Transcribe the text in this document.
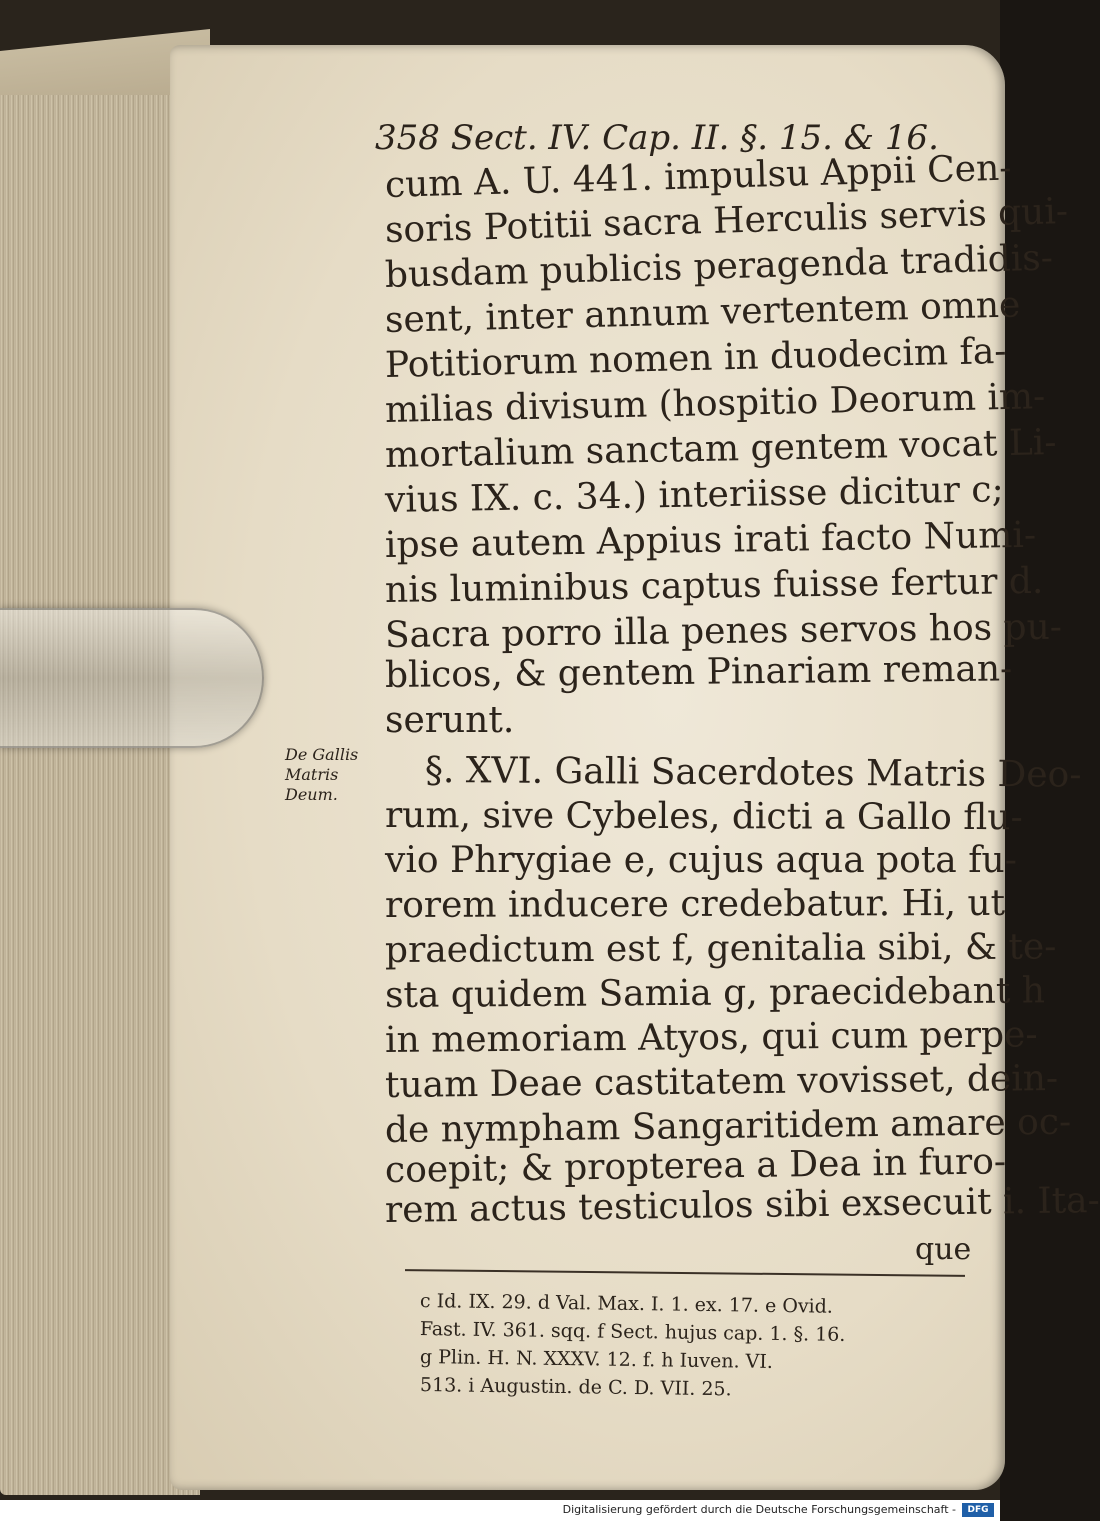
358 Sect. IV. Cap. II. §. 15. & 16.
cum A. U. 441. impulsu Appii Cen-
soris Potitii sacra Herculis servis qui-
busdam publicis peragenda tradidis-
sent, inter annum vertentem omne
Potitiorum nomen in duodecim fa-
milias divisum (hospitio Deorum im-
mortalium sanctam gentem vocat Li-
vius IX. c. 34.) interiisse dicitur c;
ipse autem Appius irati facto Numi-
nis luminibus captus fuisse fertur d.
Sacra porro illa penes servos hos pu-
blicos, & gentem Pinariam reman-
serunt.
De Gallis
Matris
Deum. §. XVI. Galli Sacerdotes Matris Deo-
rum, sive Cybeles, dicti a Gallo flu-
vio Phrygiae e, cujus aqua pota fu-
rorem inducere credebatur. Hi, ut
praedictum est f, genitalia sibi, & te-
sta quidem Samia g, praecidebant h
in memoriam Atyos, qui cum perpe-
tuam Deae castitatem vovisset, dein-
de nympham Sangaritidem amare oc-
coepit; & propterea a Dea in furo-
rem actus testiculos sibi exsecuit i. Ita-
que
c Id. IX. 29. d Val. Max. I. 1. ex. 17. e Ovid.
Fast. IV. 361. sqq. f Sect. hujus cap. 1. §. 16.
g Plin. H. N. XXXV. 12. f. h Iuven. VI.
513. i Augustin. de C. D. VII. 25.
Digitalisierung gefördert durch die Deutsche Forschungsgemeinschaft -	DFG
